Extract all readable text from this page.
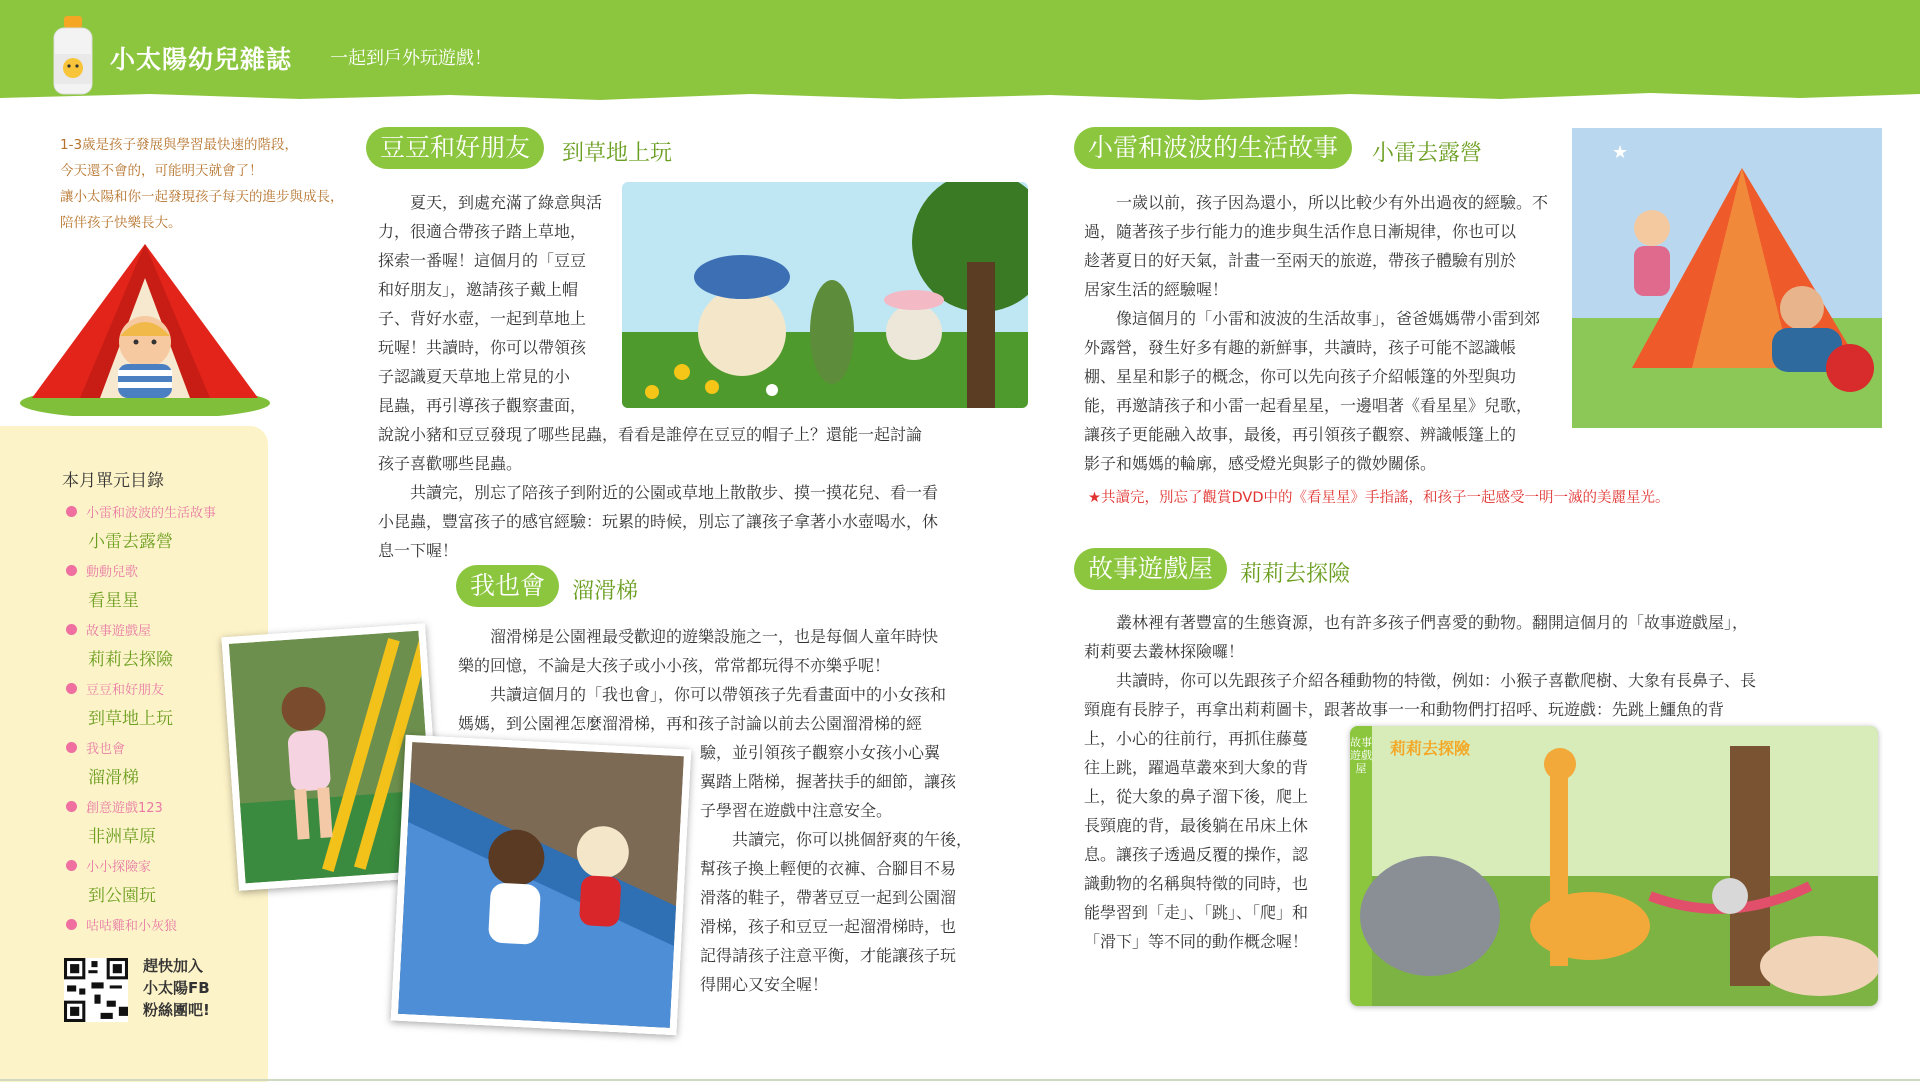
小太陽幼兒雜誌 一起到戶外玩遊戲！
1-3歲是孩子發展與學習最快速的階段，
今天還不會的，可能明天就會了！
讓小太陽和你一起發現孩子每天的進步與成長，
陪伴孩子快樂長大。
本月單元目錄
小雷和波波的生活故事
小雷去露營
動動兒歌
看星星
故事遊戲屋
莉莉去探險
豆豆和好朋友
到草地上玩
我也會
溜滑梯
創意遊戲123
非洲草原
小小探險家
到公園玩
咕咕雞和小灰狼
趕快加入
小太陽FB
粉絲團吧!
豆豆和好朋友	到草地上玩

夏天，到處充滿了綠意與活

力，很適合帶孩子踏上草地，
探索一番喔！這個月的「豆豆
和好朋友」，邀請孩子戴上帽
子、背好水壺，一起到草地上
玩喔！共讀時，你可以帶領孩
子認識夏天草地上常見的小
昆蟲，再引導孩子觀察畫面，
說說小豬和豆豆發現了哪些昆蟲，看看是誰停在豆豆的帽子上？還能一起討論
孩子喜歡哪些昆蟲。

共讀完，別忘了陪孩子到附近的公園或草地上散散步、摸一摸花兒、看一看

小昆蟲，豐富孩子的感官經驗：玩累的時候，別忘了讓孩子拿著小水壺喝水，休
息一下喔！
我也會	溜滑梯

溜滑梯是公園裡最受歡迎的遊樂設施之一，也是每個人童年時快

樂的回憶，不論是大孩子或小小孩，常常都玩得不亦樂乎呢！

共讀這個月的「我也會」，你可以帶領孩子先看畫面中的小女孩和

媽媽，到公園裡怎麼溜滑梯，再和孩子討論以前去公園溜滑梯的經
驗，並引領孩子觀察小女孩小心翼
翼踏上階梯，握著扶手的細節，讓孩
子學習在遊戲中注意安全。

共讀完，你可以挑個舒爽的午後，

幫孩子換上輕便的衣褲、合腳目不易
滑落的鞋子，帶著豆豆一起到公園溜
滑梯，孩子和豆豆一起溜滑梯時，也
記得請孩子注意平衡，才能讓孩子玩
得開心又安全喔！
小雷和波波的生活故事	小雷去露營

一歲以前，孩子因為還小，所以比較少有外出過夜的經驗。不

過，隨著孩子步行能力的進步與生活作息日漸規律，你也可以
趁著夏日的好天氣，計畫一至兩天的旅遊，帶孩子體驗有別於
居家生活的經驗喔！

像這個月的「小雷和波波的生活故事」，爸爸媽媽帶小雷到郊

外露營，發生好多有趣的新鮮事，共讀時，孩子可能不認識帳
棚、星星和影子的概念，你可以先向孩子介紹帳篷的外型與功
能，再邀請孩子和小雷一起看星星，一邊唱著《看星星》兒歌，
讓孩子更能融入故事，最後，再引領孩子觀察、辨識帳篷上的
影子和媽媽的輪廓，感受燈光與影子的微妙關係。
★共讀完，別忘了觀賞DVD中的《看星星》手指謠，和孩子一起感受一明一滅的美麗星光。
★
故事遊戲屋	莉莉去探險

叢林裡有著豐富的生態資源，也有許多孩子們喜愛的動物。翻開這個月的「故事遊戲屋」，

莉莉要去叢林探險囉！

共讀時，你可以先跟孩子介紹各種動物的特徵，例如：小猴子喜歡爬樹、大象有長鼻子、長

頸鹿有長脖子，再拿出莉莉圖卡，跟著故事一一和動物們打招呼、玩遊戲：先跳上鱷魚的背
上，小心的往前行，再抓住藤蔓
往上跳，躍過草叢來到大象的背
上，從大象的鼻子溜下後，爬上
長頸鹿的背，最後躺在吊床上休
息。讓孩子透過反覆的操作，認
識動物的名稱與特徵的同時，也
能學習到「走」、「跳」、「爬」和
「滑下」等不同的動作概念喔！
故事遊戲屋
莉莉去探險
